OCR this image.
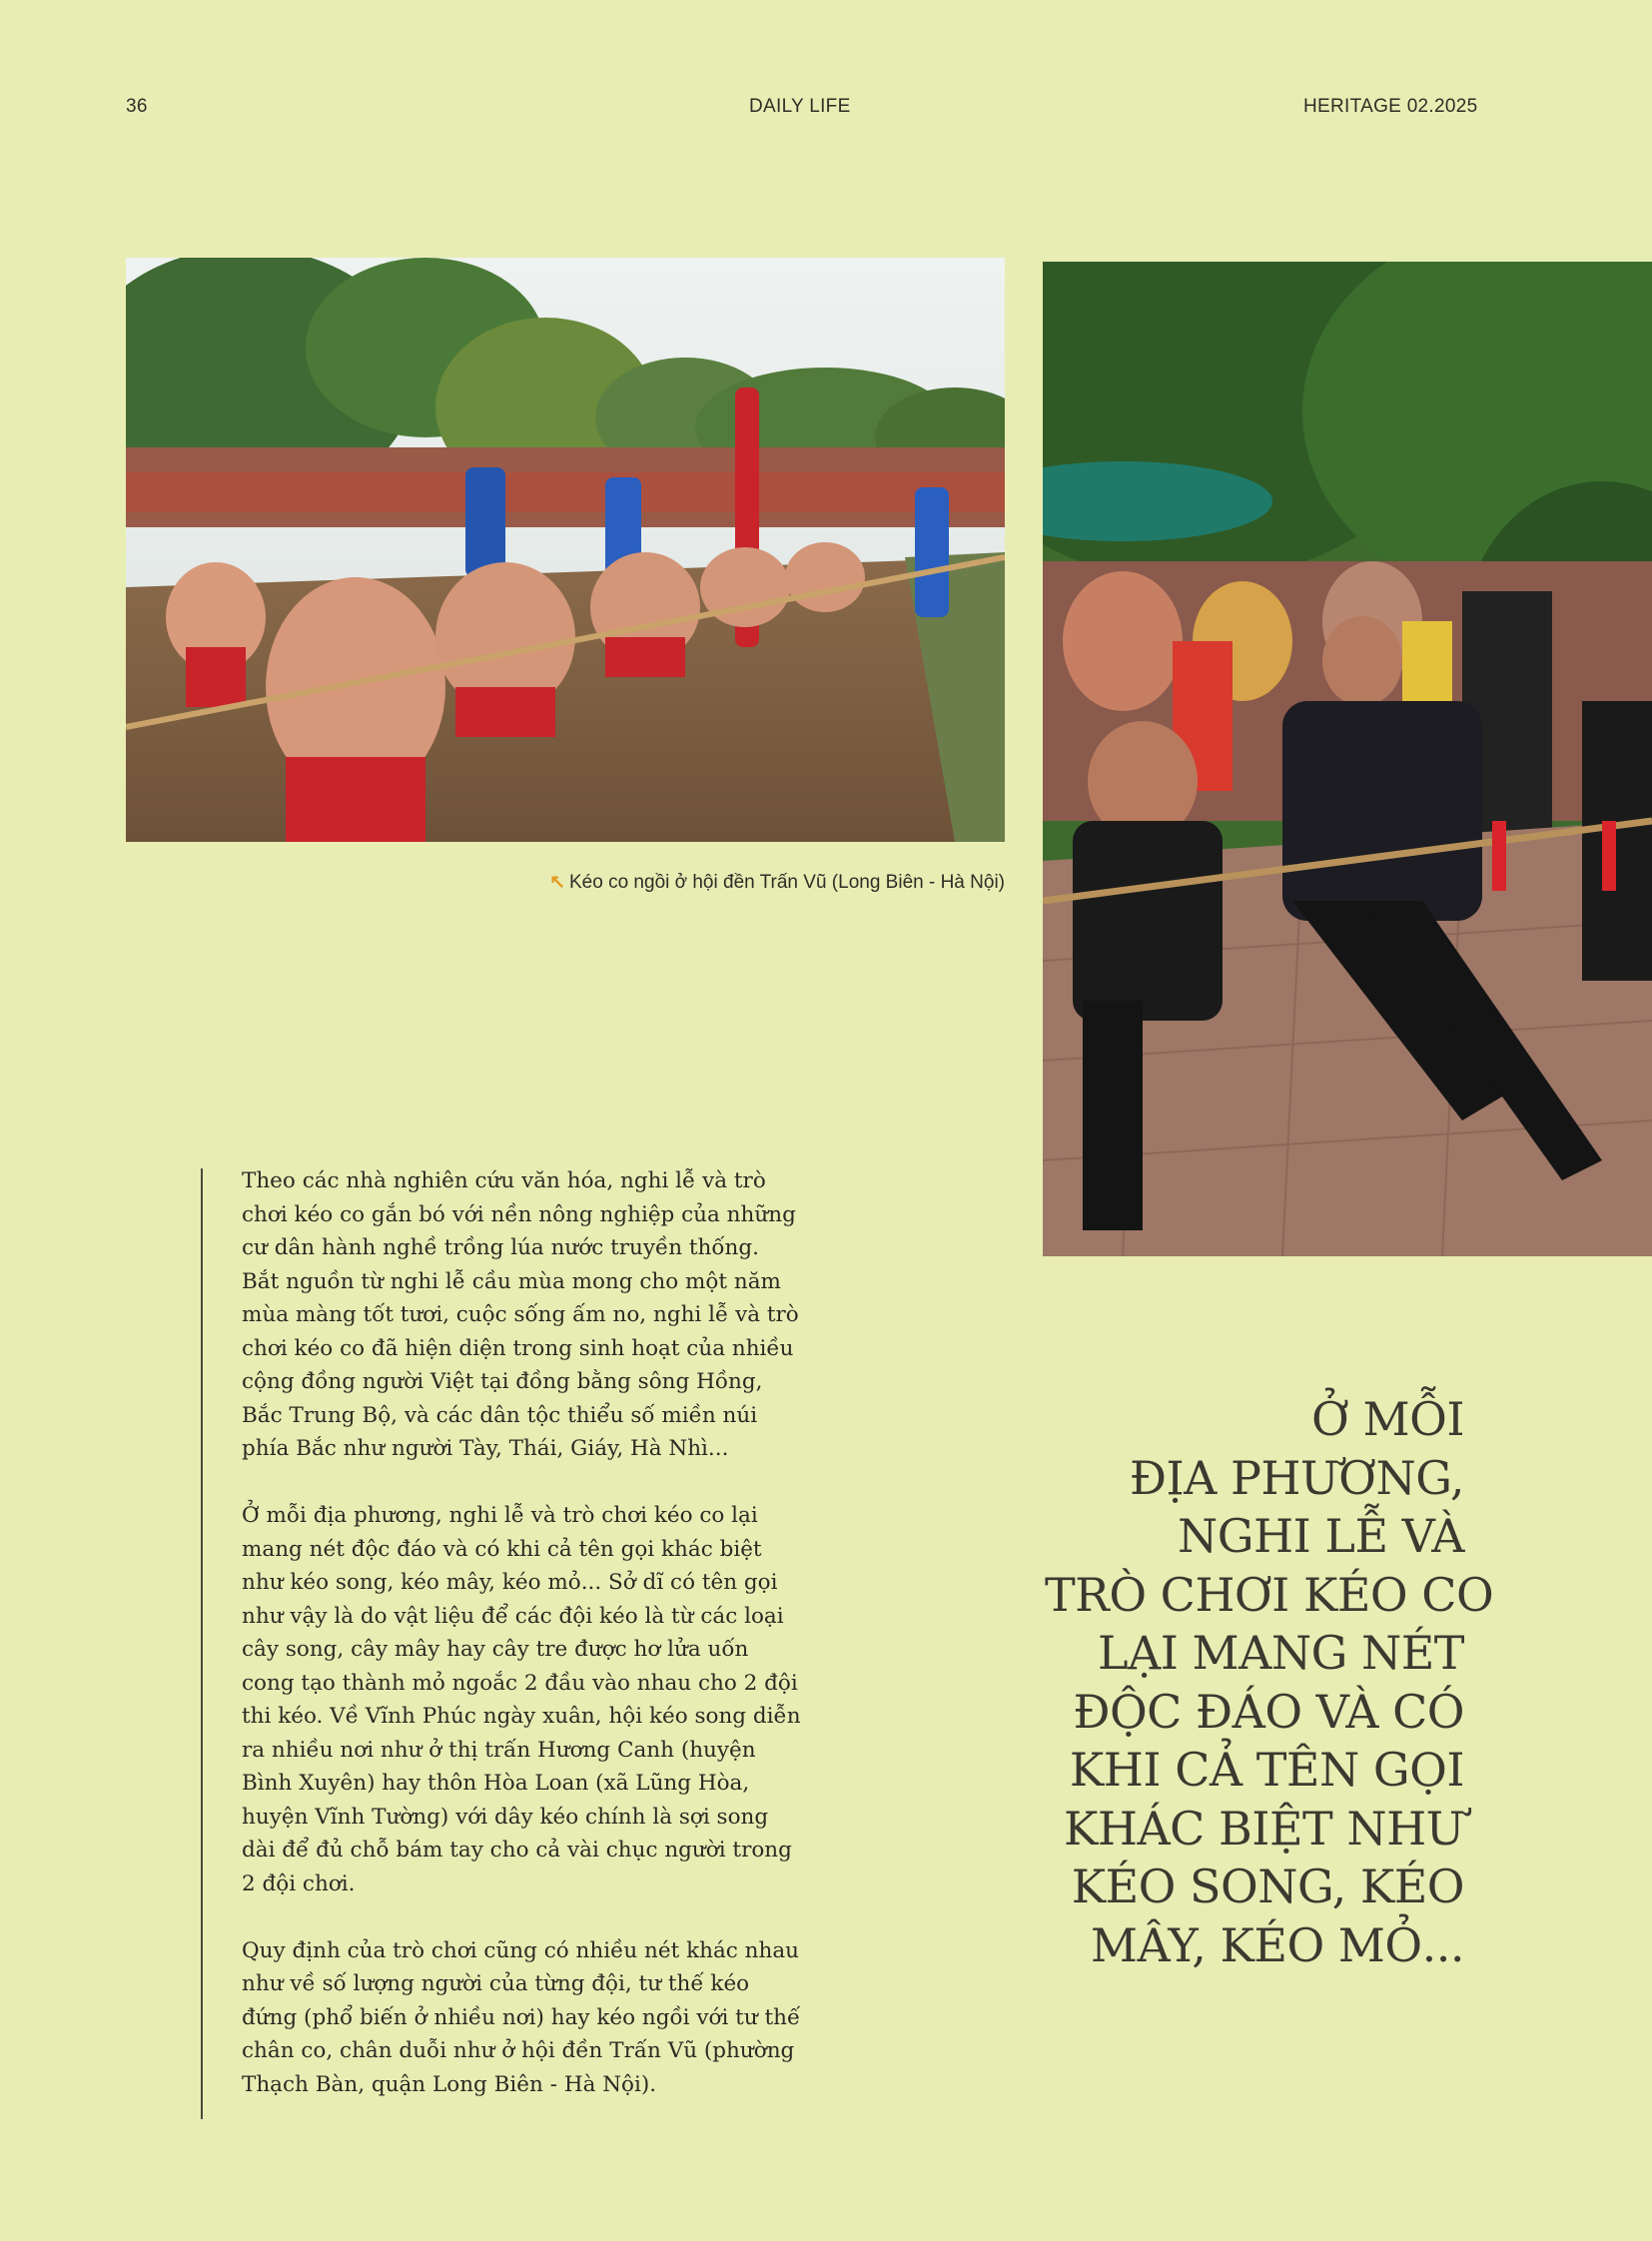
36	DAILY LIFE	HERITAGE 02.2025
↖ Kéo co ngồi ở hội đền Trấn Vũ (Long Biên - Hà Nội)

Theo các nhà nghiên cứu văn hóa, nghi lễ và trò chơi kéo co gắn bó với nền nông nghiệp của những cư dân hành nghề trồng lúa nước truyền thống. Bắt nguồn từ nghi lễ cầu mùa mong cho một năm mùa màng tốt tươi, cuộc sống ấm no, nghi lễ và trò chơi kéo co đã hiện diện trong sinh hoạt của nhiều cộng đồng người Việt tại đồng bằng sông Hồng, Bắc Trung Bộ, và các dân tộc thiểu số miền núi phía Bắc như người Tày, Thái, Giáy, Hà Nhì...

Ở mỗi địa phương, nghi lễ và trò chơi kéo co lại mang nét độc đáo và có khi cả tên gọi khác biệt như kéo song, kéo mây, kéo mỏ... Sở dĩ có tên gọi như vậy là do vật liệu để các đội kéo là từ các loại cây song, cây mây hay cây tre được hơ lửa uốn cong tạo thành mỏ ngoắc 2 đầu vào nhau cho 2 đội thi kéo. Về Vĩnh Phúc ngày xuân, hội kéo song diễn ra nhiều nơi như ở thị trấn Hương Canh (huyện Bình Xuyên) hay thôn Hòa Loan (xã Lũng Hòa, huyện Vĩnh Tường) với dây kéo chính là sợi song dài để đủ chỗ bám tay cho cả vài chục người trong 2 đội chơi.

Quy định của trò chơi cũng có nhiều nét khác nhau như về số lượng người của từng đội, tư thế kéo đứng (phổ biến ở nhiều nơi) hay kéo ngồi với tư thế chân co, chân duỗi như ở hội đền Trấn Vũ (phường Thạch Bàn, quận Long Biên - Hà Nội).

Ở MỖI
ĐỊA PHƯƠNG,
NGHI LỄ VÀ
TRÒ CHƠI KÉO CO
LẠI MANG NÉT
ĐỘC ĐÁO VÀ CÓ
KHI CẢ TÊN GỌI
KHÁC BIỆT NHƯ
KÉO SONG, KÉO
MÂY, KÉO MỎ...
